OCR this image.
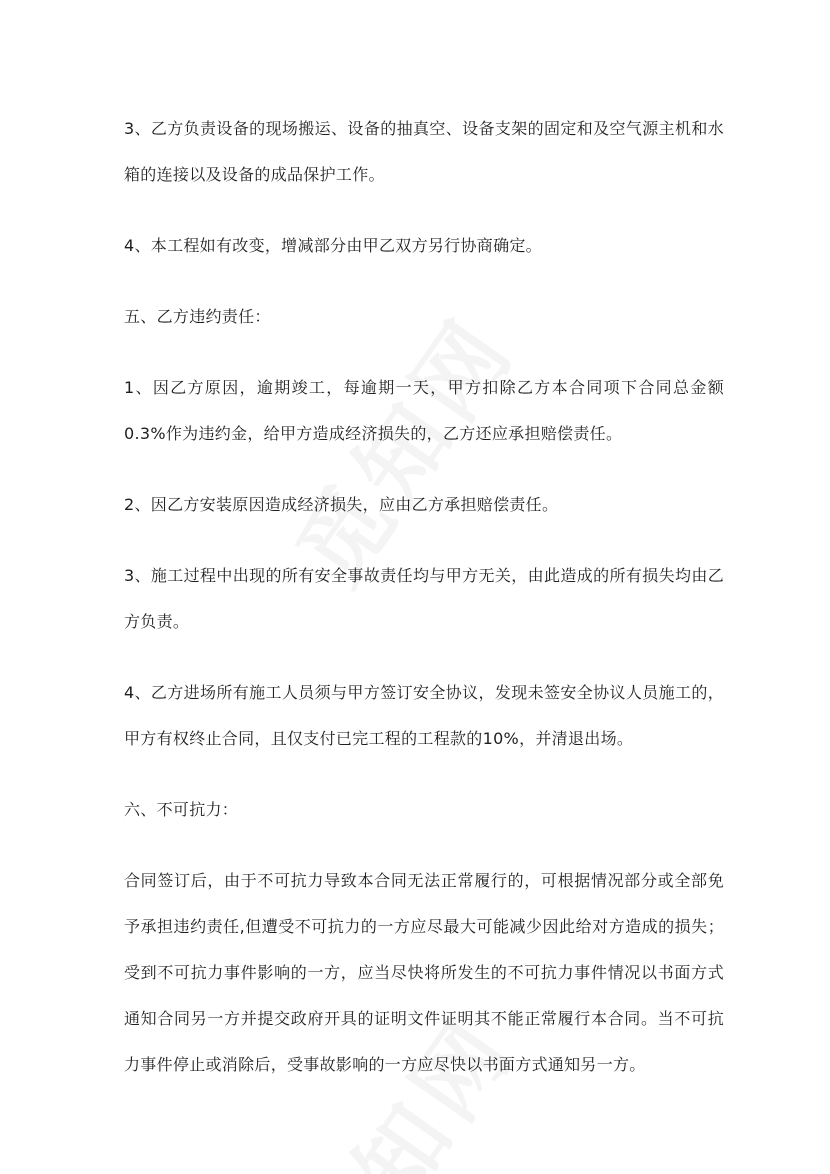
3、乙方负责设备的现场搬运、设备的抽真空、设备支架的固定和及空气源主机和水箱的连接以及设备的成品保护工作。

4、本工程如有改变，增减部分由甲乙双方另行协商确定。

五、乙方违约责任：

1、因乙方原因，逾期竣工，每逾期一天，甲方扣除乙方本合同项下合同总金额0.3%作为违约金，给甲方造成经济损失的，乙方还应承担赔偿责任。

2、因乙方安装原因造成经济损失，应由乙方承担赔偿责任。

3、施工过程中出现的所有安全事故责任均与甲方无关，由此造成的所有损失均由乙方负责。

4、乙方进场所有施工人员须与甲方签订安全协议，发现未签安全协议人员施工的，甲方有权终止合同，且仅支付已完工程的工程款的10%，并清退出场。

六、不可抗力：

合同签订后，由于不可抗力导致本合同无法正常履行的，可根据情况部分或全部免予承担违约责任,但遭受不可抗力的一方应尽最大可能减少因此给对方造成的损失；受到不可抗力事件影响的一方，应当尽快将所发生的不可抗力事件情况以书面方式通知合同另一方并提交政府开具的证明文件证明其不能正常履行本合同。当不可抗力事件停止或消除后，受事故影响的一方应尽快以书面方式通知另一方。
